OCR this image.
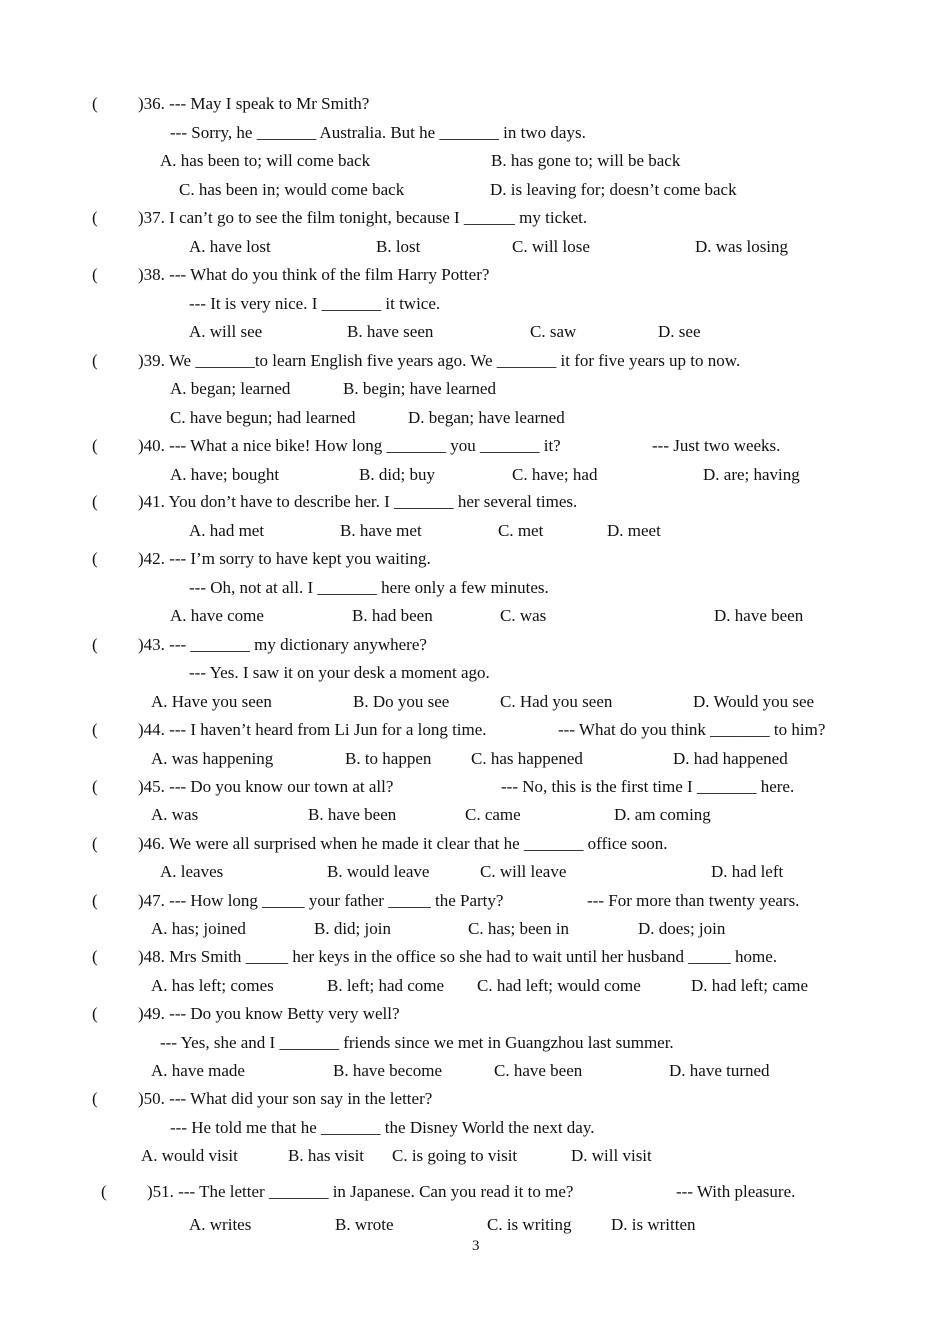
( )36. --- May I speak to Mr Smith?
--- Sorry, he _______ Australia. But he _______ in two days.
A. has been to; will come back	B. has gone to; will be back
C. has been in; would come back	D. is leaving for; doesn’t come back
( )37. I can’t go to see the film tonight, because I ______ my ticket.
A. have lost	B. lost	C. will lose	D. was losing
( )38. --- What do you think of the film Harry Potter?
--- It is very nice. I _______ it twice.
A. will see	B. have seen	C. saw	D. see
( )39. We _______to learn English five years ago. We _______ it for five years up to now.
A. began; learned	B. begin; have learned
C. have begun; had learned	D. began; have learned
( )40. --- What a nice bike! How long _______ you _______ it?	--- Just two weeks.
A. have; bought	B. did; buy	C. have; had	D. are; having
( )41. You don’t have to describe her. I _______ her several times.
A. had met	B. have met	C. met	D. meet
( )42. --- I’m sorry to have kept you waiting.
--- Oh, not at all. I _______ here only a few minutes.
A. have come	B. had been	C. was	D. have been
( )43. --- _______ my dictionary anywhere?
--- Yes. I saw it on your desk a moment ago.
A. Have you seen	B. Do you see	C. Had you seen	D. Would you see
( )44. --- I haven’t heard from Li Jun for a long time.	--- What do you think _______ to him?
A. was happening	B. to happen C. has happened	D. had happened
( )45. --- Do you know our town at all?	--- No, this is the first time I _______ here.
A. was	B. have been	C. came	D. am coming
( )46. We were all surprised when he made it clear that he _______ office soon.
A. leaves	B. would leave	C. will leave	D. had left
( )47. --- How long _____ your father _____ the Party?	--- For more than twenty years.
A. has; joined	B. did; join	C. has; been in	D. does; join
( )48. Mrs Smith _____ her keys in the office so she had to wait until her husband _____ home.
A. has left; comes	B. left; had come C. had left; would come	D. had left; came
( )49. --- Do you know Betty very well?
--- Yes, she and I _______ friends since we met in Guangzhou last summer.
A. have made	B. have become	C. have been	D. have turned
( )50. --- What did your son say in the letter?
--- He told me that he _______ the Disney World the next day.
A. would visit	B. has visit C. is going to visit	D. will visit
( )51. --- The letter _______ in Japanese. Can you read it to me?	--- With pleasure.
A. writes	B. wrote	C. is writing D. is written
3
